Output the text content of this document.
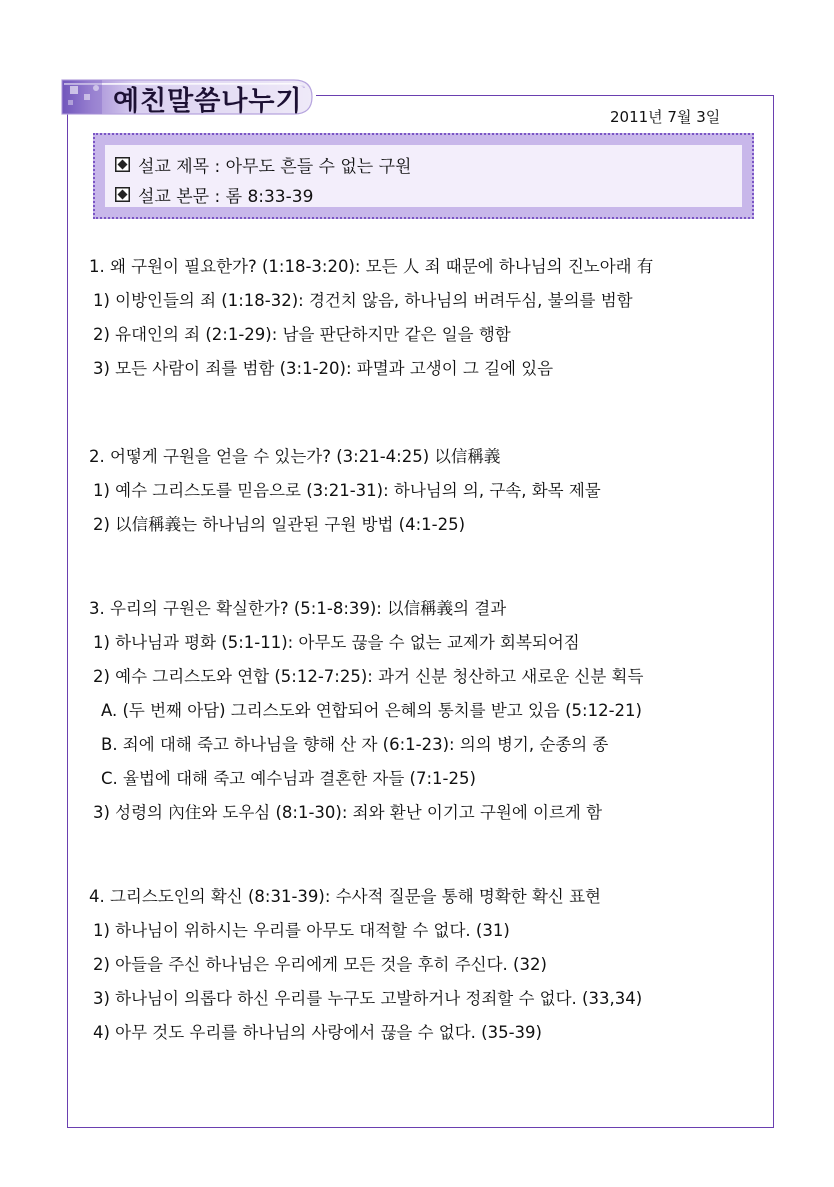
예친말씀나누기	2011년 7월 3일
설교 제목 : 아무도 흔들 수 없는 구원
설교 본문 : 롬 8:33-39
1. 왜 구원이 필요한가? (1:18-3:20): 모든 人 죄 때문에 하나님의 진노아래 有
1) 이방인들의 죄 (1:18-32): 경건치 않음, 하나님의 버려두심, 불의를 범함
2) 유대인의 죄 (2:1-29): 남을 판단하지만 같은 일을 행함
3) 모든 사람이 죄를 범함 (3:1-20): 파멸과 고생이 그 길에 있음
2. 어떻게 구원을 얻을 수 있는가? (3:21-4:25) 以信稱義
1) 예수 그리스도를 믿음으로 (3:21-31): 하나님의 의, 구속, 화목 제물
2) 以信稱義는 하나님의 일관된 구원 방법 (4:1-25)
3. 우리의 구원은 확실한가? (5:1-8:39): 以信稱義의 결과
1) 하나님과 평화 (5:1-11): 아무도 끊을 수 없는 교제가 회복되어짐
2) 예수 그리스도와 연합 (5:12-7:25): 과거 신분 청산하고 새로운 신분 획득
A. (두 번째 아담) 그리스도와 연합되어 은혜의 통치를 받고 있음 (5:12-21)
B. 죄에 대해 죽고 하나님을 향해 산 자 (6:1-23): 의의 병기, 순종의 종
C. 율법에 대해 죽고 예수님과 결혼한 자들 (7:1-25)
3) 성령의 內住와 도우심 (8:1-30): 죄와 환난 이기고 구원에 이르게 함
4. 그리스도인의 확신 (8:31-39): 수사적 질문을 통해 명확한 확신 표현
1) 하나님이 위하시는 우리를 아무도 대적할 수 없다. (31)
2) 아들을 주신 하나님은 우리에게 모든 것을 후히 주신다. (32)
3) 하나님이 의롭다 하신 우리를 누구도 고발하거나 정죄할 수 없다. (33,34)
4) 아무 것도 우리를 하나님의 사랑에서 끊을 수 없다. (35-39)
